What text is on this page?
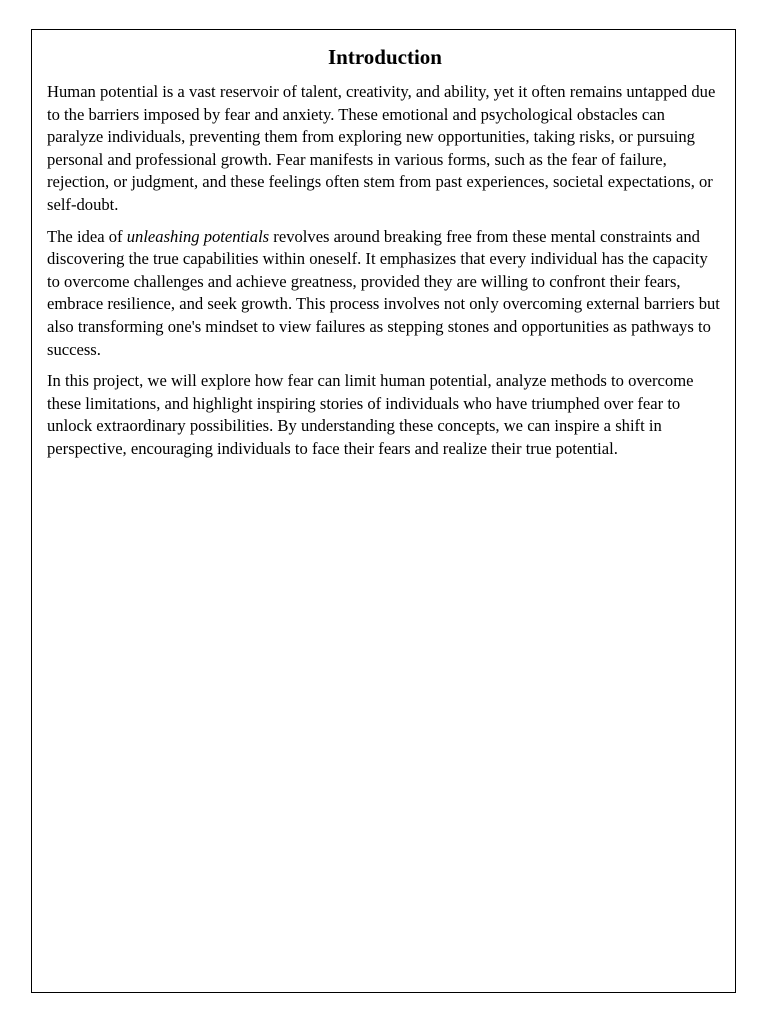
Introduction

Human potential is a vast reservoir of talent, creativity, and ability, yet it often remains untapped due to the barriers imposed by fear and anxiety. These emotional and psychological obstacles can paralyze individuals, preventing them from exploring new opportunities, taking risks, or pursuing personal and professional growth. Fear manifests in various forms, such as the fear of failure, rejection, or judgment, and these feelings often stem from past experiences, societal expectations, or self-doubt.

The idea of unleashing potentials revolves around breaking free from these mental constraints and discovering the true capabilities within oneself. It emphasizes that every individual has the capacity to overcome challenges and achieve greatness, provided they are willing to confront their fears, embrace resilience, and seek growth. This process involves not only overcoming external barriers but also transforming one's mindset to view failures as stepping stones and opportunities as pathways to success.

In this project, we will explore how fear can limit human potential, analyze methods to overcome these limitations, and highlight inspiring stories of individuals who have triumphed over fear to unlock extraordinary possibilities. By understanding these concepts, we can inspire a shift in perspective, encouraging individuals to face their fears and realize their true potential.
